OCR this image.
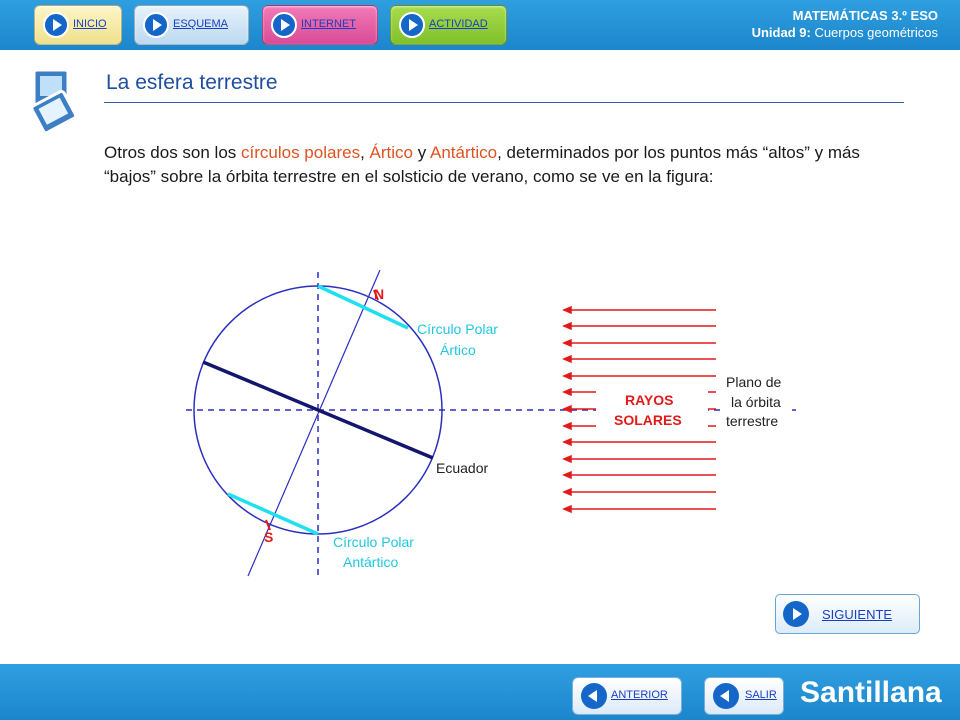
INICIO	ESQUEMA	INTERNET	ACTIVIDAD
MATEMÁTICAS 3.º ESO
Unidad 9: Cuerpos geométricos
La esfera terrestre
Otros dos son los círculos polares, Ártico y Antártico, determinados por los puntos más “altos” y más “bajos” sobre la órbita terrestre en el solsticio de verano, como se ve en la figura:
N
S
Círculo Polar
Ártico
Círculo Polar
Antártico
Ecuador
RAYOS
SOLARES
Plano de
la órbita
terrestre
SIGUIENTE
ANTERIOR	SALIR Santillana
